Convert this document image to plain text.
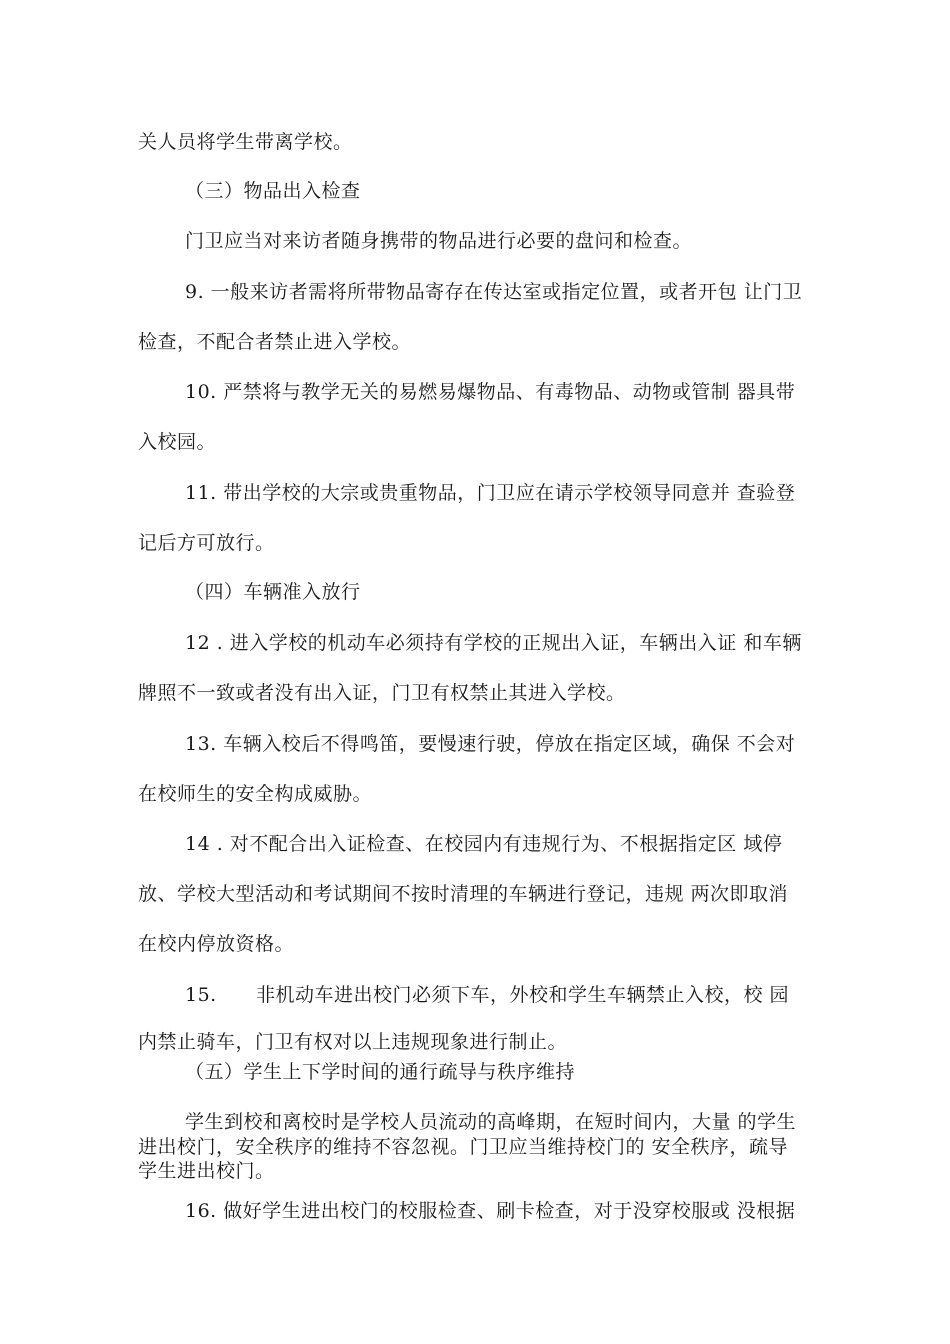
关人员将学生带离学校。
（三）物品出入检查
门卫应当对来访者随身携带的物品进行必要的盘问和检查。
9. 一般来访者需将所带物品寄存在传达室或指定位置，或者开包 让门卫
检查，不配合者禁止进入学校。
10. 严禁将与教学无关的易燃易爆物品、有毒物品、动物或管制 器具带
入校园。
11. 带出学校的大宗或贵重物品，门卫应在请示学校领导同意并 查验登
记后方可放行。
（四）车辆准入放行
12 . 进入学校的机动车必须持有学校的正规出入证，车辆出入证 和车辆
牌照不一致或者没有出入证，门卫有权禁止其进入学校。
13. 车辆入校后不得鸣笛，要慢速行驶，停放在指定区域，确保 不会对
在校师生的安全构成威胁。
14 . 对不配合出入证检查、在校园内有违规行为、不根据指定区 域停
放、学校大型活动和考试期间不按时清理的车辆进行登记，违规 两次即取消
在校内停放资格。
15. 非机动车进出校门必须下车，外校和学生车辆禁止入校，校 园
内禁止骑车，门卫有权对以上违规现象进行制止。
（五）学生上下学时间的通行疏导与秩序维持
学生到校和离校时是学校人员流动的高峰期，在短时间内，大量 的学生
进出校门，安全秩序的维持不容忽视。门卫应当维持校门的 安全秩序，疏导
学生进出校门。
16. 做好学生进出校门的校服检查、刷卡检查，对于没穿校服或 没根据
